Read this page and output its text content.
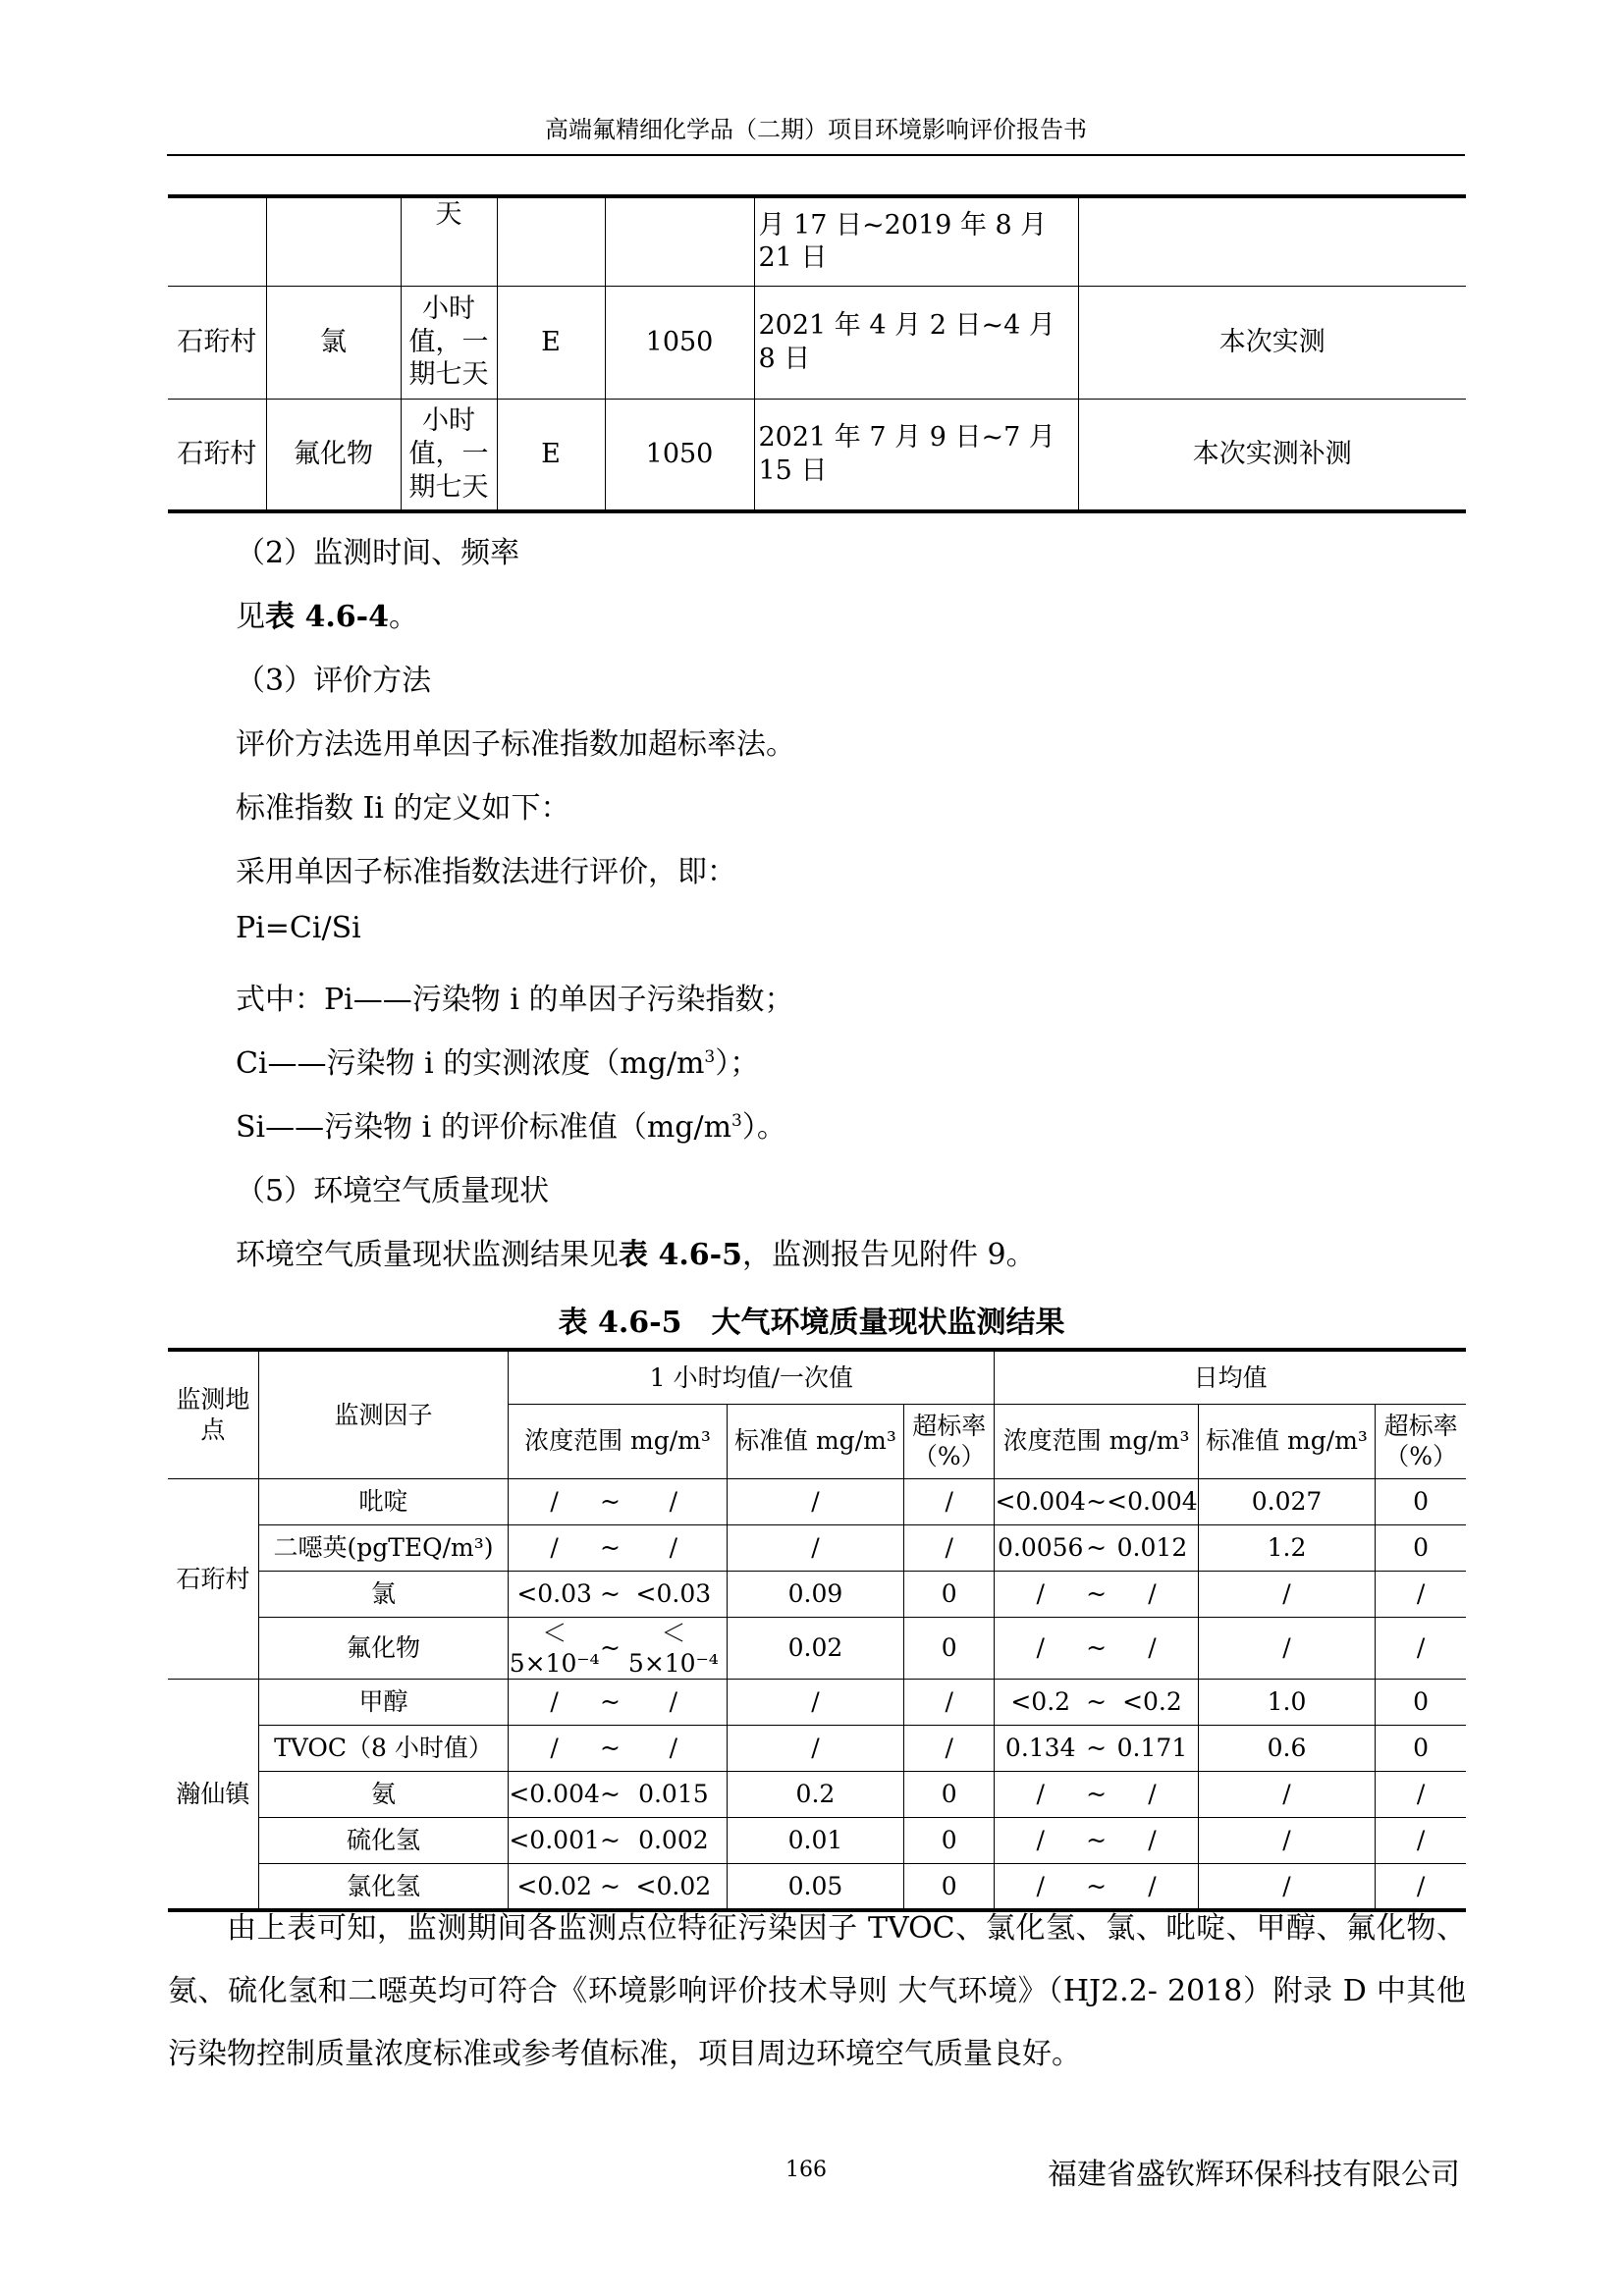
高端氟精细化学品（二期）项目环境影响评价报告书
		天			月 17 日~2019 年 8 月 21 日	
石珩村	氯	小时值，一期七天	E	1050	2021 年 4 月 2 日~4 月 8 日	本次实测
石珩村	氟化物	小时值，一期七天	E	1050	2021 年 7 月 9 日~7 月 15 日	本次实测补测
（2）监测时间、频率
见表 4.6-4。
（3）评价方法
评价方法选用单因子标准指数加超标率法。
标准指数 Ii 的定义如下：
采用单因子标准指数法进行评价，即：
Pi=Ci/Si
式中：Pi——污染物 i 的单因子污染指数；
Ci——污染物 i 的实测浓度$(mg/m^3)$；
Si——污染物 i 的评价标准值$(mg/m^3)$。
（5）环境空气质量现状
环境空气质量现状监测结果见表 4.6-5，监测报告见附件 9。
表 4.6-5　大气环境质量现状监测结果
监测地点	监测因子	1 小时均值/一次值					日均值				
		浓度范围 mg/m³			标准值 mg/m³	超标率（%）	浓度范围 mg/m³			标准值 mg/m³	超标率（%）
石珩村	吡啶	/	~	/	/	/	<0.004	~	<0.004	0.027	0
	二噁英(pgTEQ/m³)	/	~	/	/	/	0.0056	~	0.012	1.2	0
	氯	<0.03	~	<0.03	0.09	0	/	~	/	/	/
	氟化物	＜5×10⁻⁴	~	＜5×10⁻⁴	0.02	0	/	~	/	/	/
瀚仙镇	甲醇	/	~	/	/	/	<0.2	~	<0.2	1.0	0
	TVOC（8 小时值）	/	~	/	/	/	0.134	~	0.171	0.6	0
	氨	<0.004	~	0.015	0.2	0	/	~	/	/	/
	硫化氢	<0.001	~	0.002	0.01	0	/	~	/	/	/
	氯化氢	<0.02	~	<0.02	0.05	0	/	~	/	/	/
由上表可知，监测期间各监测点位特征污染因子 TVOC、氯化氢、氯、吡啶、甲醇、氟化物、氨、硫化氢和二噁英均可符合《环境影响评价技术导则 大气环境》（HJ2.2- 2018）附录 D 中其他污染物控制质量浓度标准或参考值标准，项目周边环境空气质量良好。
166	福建省盛钦辉环保科技有限公司
